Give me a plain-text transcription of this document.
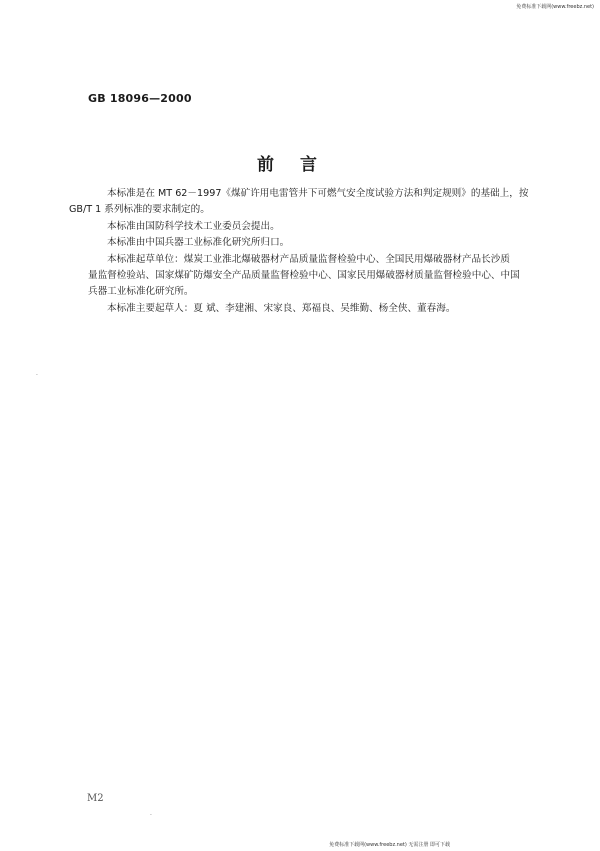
免费标准下载网(www.freebz.net)
GB 18096—2000
前言

本标准是在 MT 62－1997《煤矿许用电雷管井下可燃气安全度试验方法和判定规则》的基础上，按
GB/T 1 系列标准的要求制定的。

本标准由国防科学技术工业委员会提出。

本标准由中国兵器工业标准化研究所归口。

本标准起草单位：煤炭工业淮北爆破器材产品质量监督检验中心、全国民用爆破器材产品长沙质
量监督检验站、国家煤矿防爆安全产品质量监督检验中心、国家民用爆破器材质量监督检验中心、中国
兵器工业标准化研究所。

本标准主要起草人：夏 斌、李建湘、宋家良、郑福良、吴维勤、杨全侠、董春海。

·
·
M2
免费标准下载网(www.freebz.net) 无需注册 即可下载
